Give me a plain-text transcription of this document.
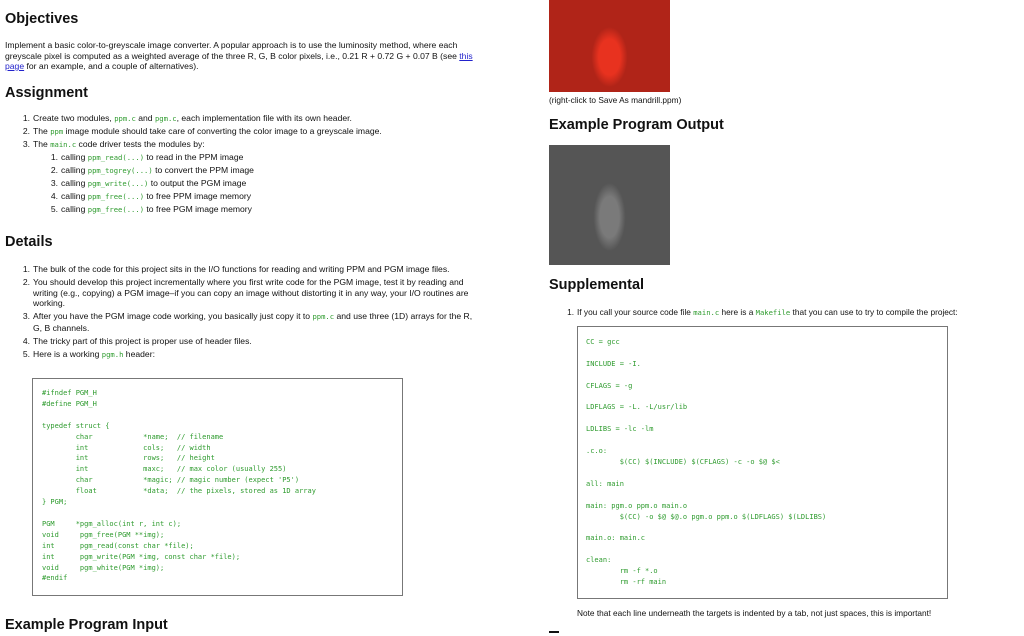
Objectives

Implement a basic color-to-greyscale image converter. A popular approach is to use the luminosity method, where each greyscale pixel is computed as a weighted average of the three R, G, B color pixels, i.e., 0.21 R + 0.72 G + 0.07 B (see this page for an example, and a couple of alternatives).

Assignment
1. Create two modules, ppm.c and pgm.c, each implementation file with its own header.
2. The ppm image module should take care of converting the color image to a greyscale image.
3. The main.c code driver tests the modules by:
1. calling ppm_read(...) to read in the PPM image
2. calling ppm_togrey(...) to convert the PPM image
3. calling pgm_write(...) to output the PGM image
4. calling ppm_free(...) to free PPM image memory
5. calling pgm_free(...) to free PGM image memory
Details
1. The bulk of the code for this project sits in the I/O functions for reading and writing PPM and PGM image files.
2. You should develop this project incrementally where you first write code for the PGM image, test it by reading and writing (e.g., copying) a PGM image–if you can copy an image without distorting it in any way, your I/O routines are working.
3. After you have the PGM image code working, you basically just copy it to ppm.c and use three (1D) arrays for the R, G, B channels.
4. The tricky part of this project is proper use of header files.
5. Here is a working pgm.h header:
#ifndef PGM_H
#define PGM_H

typedef struct {
char            *name;  // filename
int             cols;   // width
int             rows;   // height
int             maxc;   // max color (usually 255)
char            *magic; // magic number (expect 'P5')
float           *data;  // the pixels, stored as 1D array
} PGM;

PGM     *pgm_alloc(int r, int c);
void     pgm_free(PGM **img);
int      pgm_read(const char *file);
int      pgm_write(PGM *img, const char *file);
void     pgm_white(PGM *img);
#endif
Example Program Input
(right-click to Save As mandrill.ppm)
Example Program Output
Supplemental
1. If you call your source code file main.c here is a Makefile that you can use to try to compile the project:
CC = gcc

INCLUDE = -I.

CFLAGS = -g

LDFLAGS = -L. -L/usr/lib

LDLIBS = -lc -lm

.c.o:
$(CC) $(INCLUDE) $(CFLAGS) -c -o $@ $<

all: main

main: pgm.o ppm.o main.o
$(CC) -o $@ $@.o pgm.o ppm.o $(LDFLAGS) $(LDLIBS)

main.o: main.c

clean:
rm -f *.o
rm -rf main
Note that each line underneath the targets is indented by a tab, not just spaces, this is important!
